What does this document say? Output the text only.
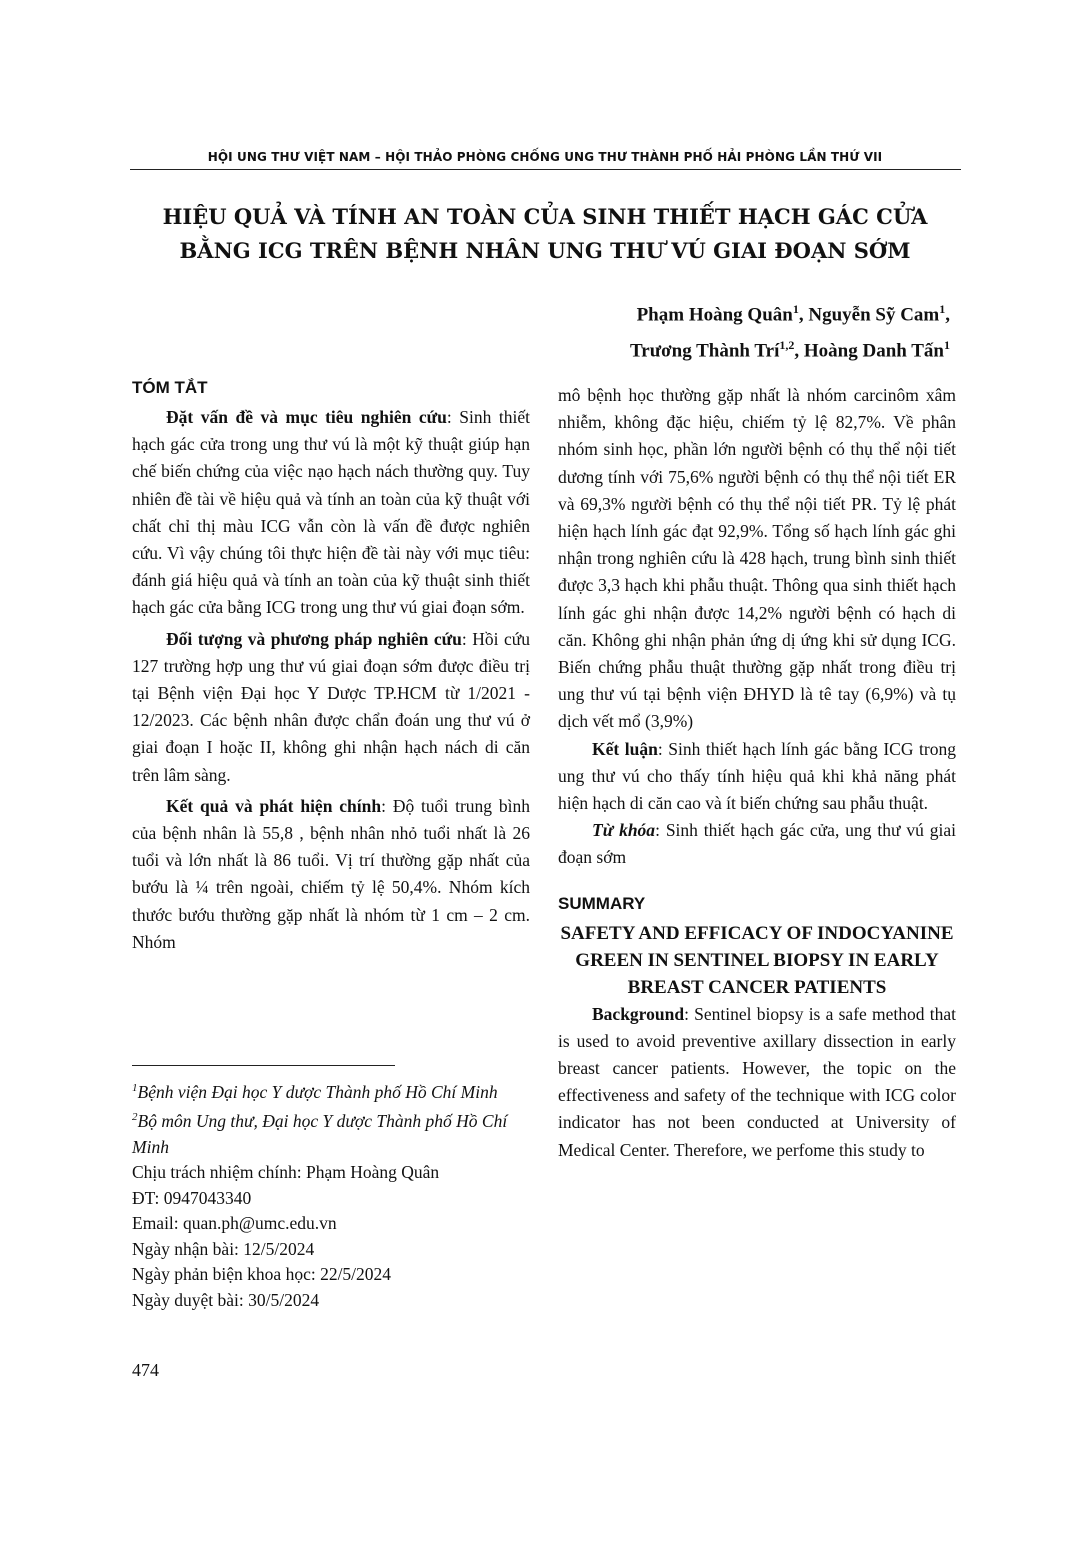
HỘI UNG THƯ VIỆT NAM – HỘI THẢO PHÒNG CHỐNG UNG THƯ THÀNH PHỐ HẢI PHÒNG LẦN THỨ VII
HIỆU QUẢ VÀ TÍNH AN TOÀN CỦA SINH THIẾT HẠCH GÁC CỬA
BẰNG ICG TRÊN BỆNH NHÂN UNG THƯ VÚ GIAI ĐOẠN SỚM
Phạm Hoàng Quân$^1$, Nguyễn Sỹ Cam$^1$,
Trương Thành Trí$^{1,2}$, Hoàng Danh Tấn$^1$
TÓM TẮT

Đặt vấn đề và mục tiêu nghiên cứu: Sinh thiết hạch gác cửa trong ung thư vú là một kỹ thuật giúp hạn chế biến chứng của việc nạo hạch nách thường quy. Tuy nhiên đề tài về hiệu quả và tính an toàn của kỹ thuật với chất chỉ thị màu ICG vẫn còn là vấn đề được nghiên cứu. Vì vậy chúng tôi thực hiện đề tài này với mục tiêu: đánh giá hiệu quả và tính an toàn của kỹ thuật sinh thiết hạch gác cửa bằng ICG trong ung thư vú giai đoạn sớm.

Đối tượng và phương pháp nghiên cứu: Hồi cứu 127 trường hợp ung thư vú giai đoạn sớm được điều trị tại Bệnh viện Đại học Y Dược TP.HCM từ 1/2021 - 12/2023. Các bệnh nhân được chẩn đoán ung thư vú ở giai đoạn I hoặc II, không ghi nhận hạch nách di căn trên lâm sàng.

Kết quả và phát hiện chính: Độ tuổi trung bình của bệnh nhân là 55,8 , bệnh nhân nhỏ tuổi nhất là 26 tuổi và lớn nhất là 86 tuổi. Vị trí thường gặp nhất của bướu là ¼ trên ngoài, chiếm tỷ lệ 50,4%. Nhóm kích thước bướu thường gặp nhất là nhóm từ 1 cm – 2 cm. Nhóm

$^1$Bệnh viện Đại học Y dược Thành phố Hồ Chí Minh

$^2$Bộ môn Ung thư, Đại học Y dược Thành phố Hồ Chí Minh

Chịu trách nhiệm chính: Phạm Hoàng Quân

ĐT: 0947043340

Email: quan.ph@umc.edu.vn

Ngày nhận bài: 12/5/2024

Ngày phản biện khoa học: 22/5/2024

Ngày duyệt bài: 30/5/2024

mô bệnh học thường gặp nhất là nhóm carcinôm xâm nhiễm, không đặc hiệu, chiếm tỷ lệ 82,7%. Về phân nhóm sinh học, phần lớn người bệnh có thụ thể nội tiết dương tính với 75,6% người bệnh có thụ thể nội tiết ER và 69,3% người bệnh có thụ thể nội tiết PR. Tỷ lệ phát hiện hạch lính gác đạt 92,9%. Tổng số hạch lính gác ghi nhận trong nghiên cứu là 428 hạch, trung bình sinh thiết được 3,3 hạch khi phẫu thuật. Thông qua sinh thiết hạch lính gác ghi nhận được 14,2% người bệnh có hạch di căn. Không ghi nhận phản ứng dị ứng khi sử dụng ICG. Biến chứng phẫu thuật thường gặp nhất trong điều trị ung thư vú tại bệnh viện ĐHYD là tê tay (6,9%) và tụ dịch vết mổ (3,9%)

Kết luận: Sinh thiết hạch lính gác bằng ICG trong ung thư vú cho thấy tính hiệu quả khi khả năng phát hiện hạch di căn cao và ít biến chứng sau phẫu thuật.

Từ khóa: Sinh thiết hạch gác cửa, ung thư vú giai đoạn sớm

SUMMARY

SAFETY AND EFFICACY OF INDOCYANINE GREEN IN SENTINEL BIOPSY IN EARLY BREAST CANCER PATIENTS

Background: Sentinel biopsy is a safe method that is used to avoid preventive axillary dissection in early breast cancer patients. However, the topic on the effectiveness and safety of the technique with ICG color indicator has not been conducted at University of Medical Center. Therefore, we perfome this study to

474
